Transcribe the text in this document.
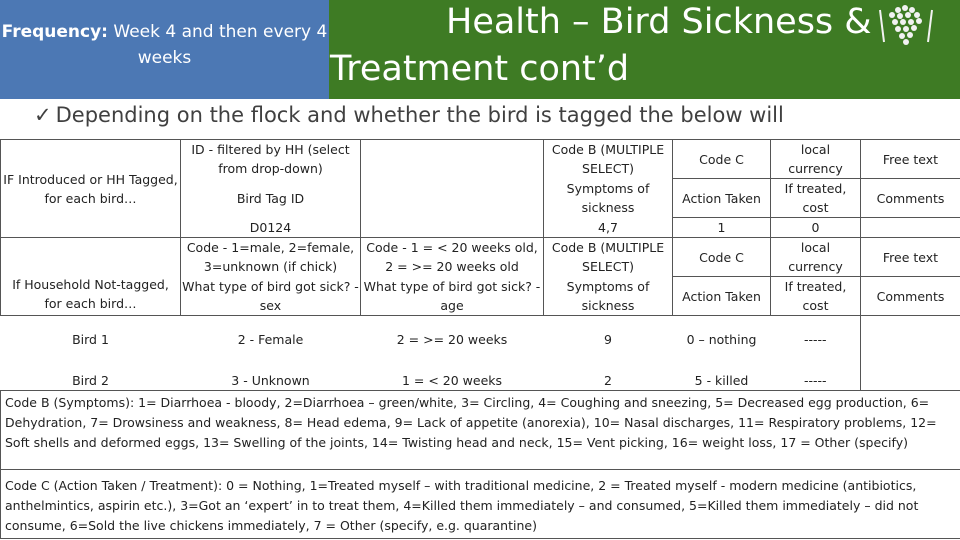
Frequency: Week 4 and then every 4 weeks
Health – Bird Sickness &
Treatment cont’d
✓ Depending on the flock and whether the bird is tagged the below will
IF Introduced or HH Tagged, for each bird…	ID - filtered by HH (select from drop-down)		Code B (MULTIPLE SELECT)	Code C	local currency	Free text
	Bird Tag ID		Symptoms of sickness	Action Taken	If treated, cost	Comments
	D0124		4,7	1	0	
If Household Not-tagged, for each bird…	Code - 1=male, 2=female, 3=unknown (if chick)	Code - 1 = < 20 weeks old, 2 = >= 20 weeks old	Code B (MULTIPLE SELECT)	Code C	local currency	Free text
	What type of bird got sick? - sex	What type of bird got sick? - age	Symptoms of sickness	Action Taken	If treated, cost	Comments
Bird 1	2 - Female	2 = >= 20 weeks	9	0 – nothing	-----	
Bird 2	3 - Unknown	1 = < 20 weeks	2	5 - killed	-----	
Code B (Symptoms): 1= Diarrhoea - bloody, 2=Diarrhoea – green/white, 3= Circling, 4= Coughing and sneezing, 5= Decreased egg production, 6= Dehydration, 7= Drowsiness and weakness, 8= Head edema, 9= Lack of appetite (anorexia), 10= Nasal discharges, 11= Respiratory problems, 12= Soft shells and deformed eggs, 13= Swelling of the joints, 14= Twisting head and neck, 15= Vent picking, 16= weight loss, 17 = Other (specify)						
Code C (Action Taken / Treatment): 0 = Nothing, 1=Treated myself – with traditional medicine, 2 = Treated myself - modern medicine (antibiotics, anthelmintics, aspirin etc.), 3=Got an ‘expert’ in to treat them, 4=Killed them immediately – and consumed, 5=Killed them immediately – did not consume, 6=Sold the live chickens immediately, 7 = Other (specify, e.g. quarantine)						
